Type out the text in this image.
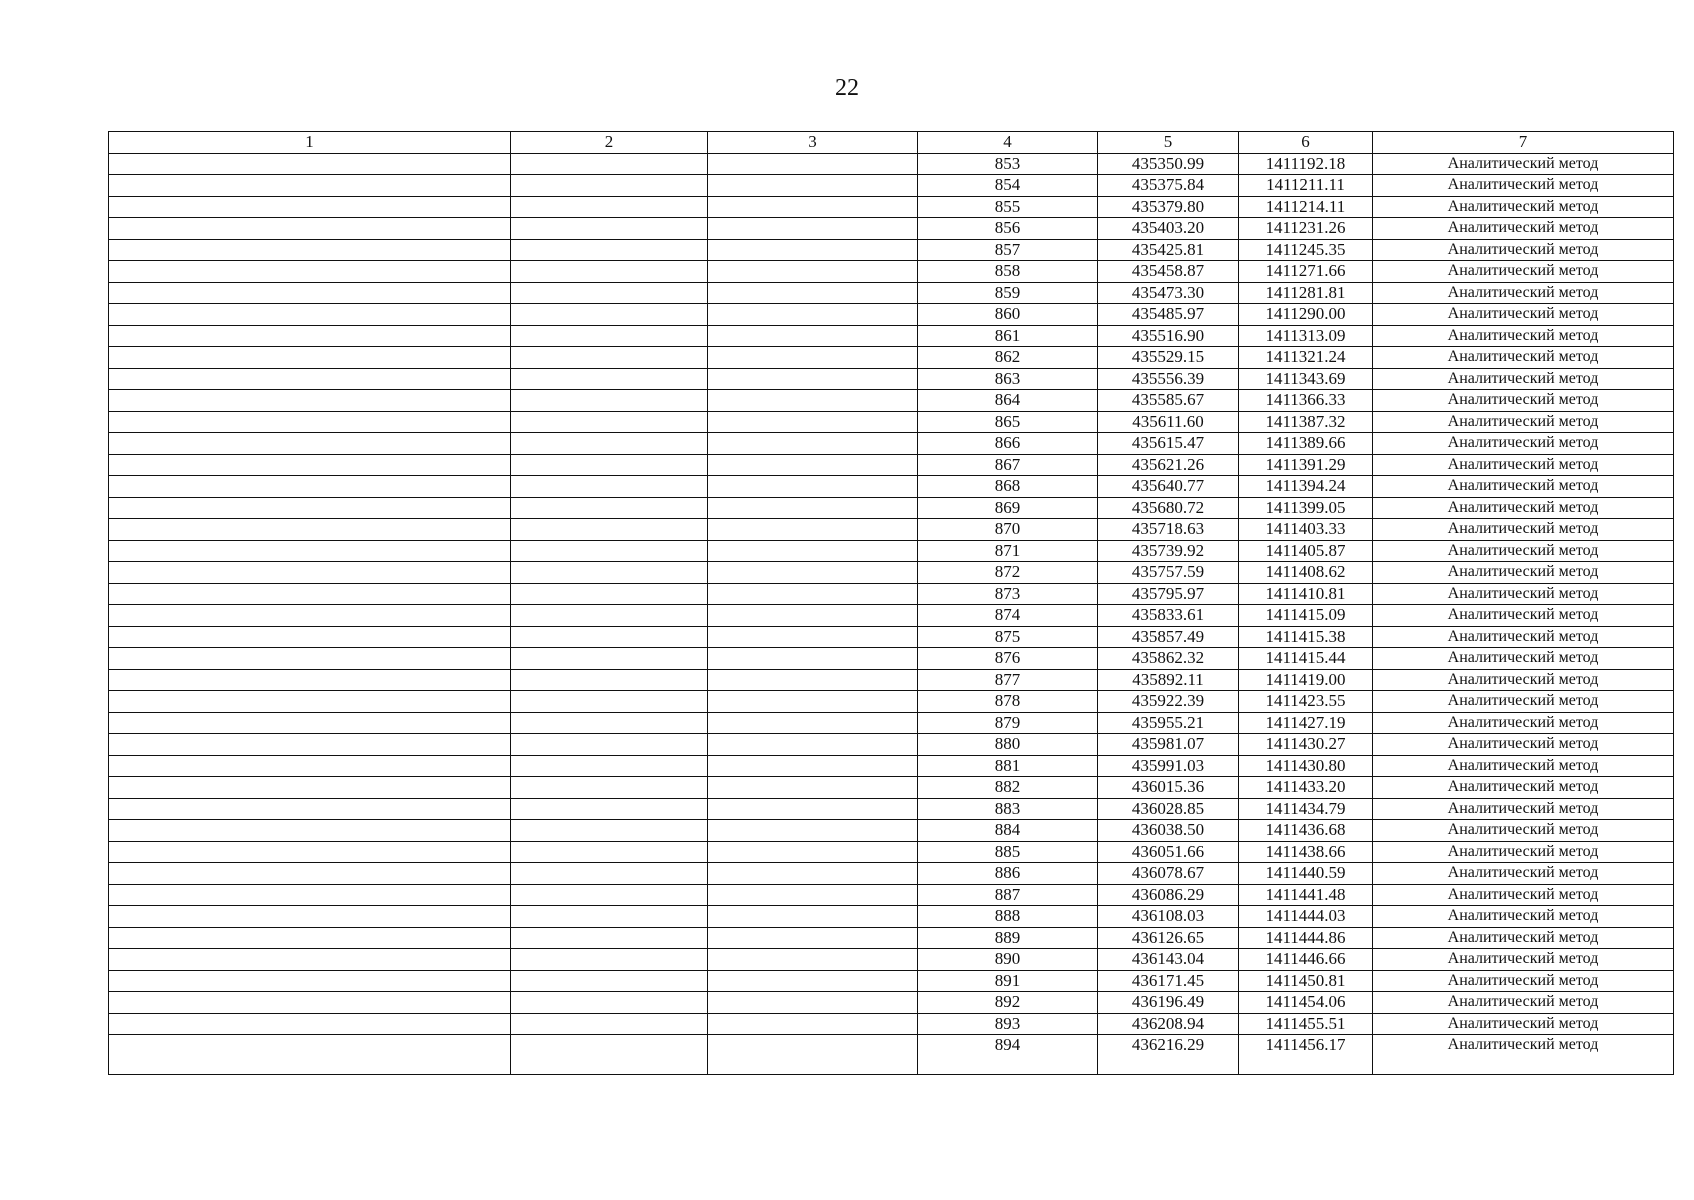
22
1	2	3	4	5	6	7
			853	435350.99	1411192.18	Аналитический метод
			854	435375.84	1411211.11	Аналитический метод
			855	435379.80	1411214.11	Аналитический метод
			856	435403.20	1411231.26	Аналитический метод
			857	435425.81	1411245.35	Аналитический метод
			858	435458.87	1411271.66	Аналитический метод
			859	435473.30	1411281.81	Аналитический метод
			860	435485.97	1411290.00	Аналитический метод
			861	435516.90	1411313.09	Аналитический метод
			862	435529.15	1411321.24	Аналитический метод
			863	435556.39	1411343.69	Аналитический метод
			864	435585.67	1411366.33	Аналитический метод
			865	435611.60	1411387.32	Аналитический метод
			866	435615.47	1411389.66	Аналитический метод
			867	435621.26	1411391.29	Аналитический метод
			868	435640.77	1411394.24	Аналитический метод
			869	435680.72	1411399.05	Аналитический метод
			870	435718.63	1411403.33	Аналитический метод
			871	435739.92	1411405.87	Аналитический метод
			872	435757.59	1411408.62	Аналитический метод
			873	435795.97	1411410.81	Аналитический метод
			874	435833.61	1411415.09	Аналитический метод
			875	435857.49	1411415.38	Аналитический метод
			876	435862.32	1411415.44	Аналитический метод
			877	435892.11	1411419.00	Аналитический метод
			878	435922.39	1411423.55	Аналитический метод
			879	435955.21	1411427.19	Аналитический метод
			880	435981.07	1411430.27	Аналитический метод
			881	435991.03	1411430.80	Аналитический метод
			882	436015.36	1411433.20	Аналитический метод
			883	436028.85	1411434.79	Аналитический метод
			884	436038.50	1411436.68	Аналитический метод
			885	436051.66	1411438.66	Аналитический метод
			886	436078.67	1411440.59	Аналитический метод
			887	436086.29	1411441.48	Аналитический метод
			888	436108.03	1411444.03	Аналитический метод
			889	436126.65	1411444.86	Аналитический метод
			890	436143.04	1411446.66	Аналитический метод
			891	436171.45	1411450.81	Аналитический метод
			892	436196.49	1411454.06	Аналитический метод
			893	436208.94	1411455.51	Аналитический метод
			894	436216.29	1411456.17	Аналитический метод
